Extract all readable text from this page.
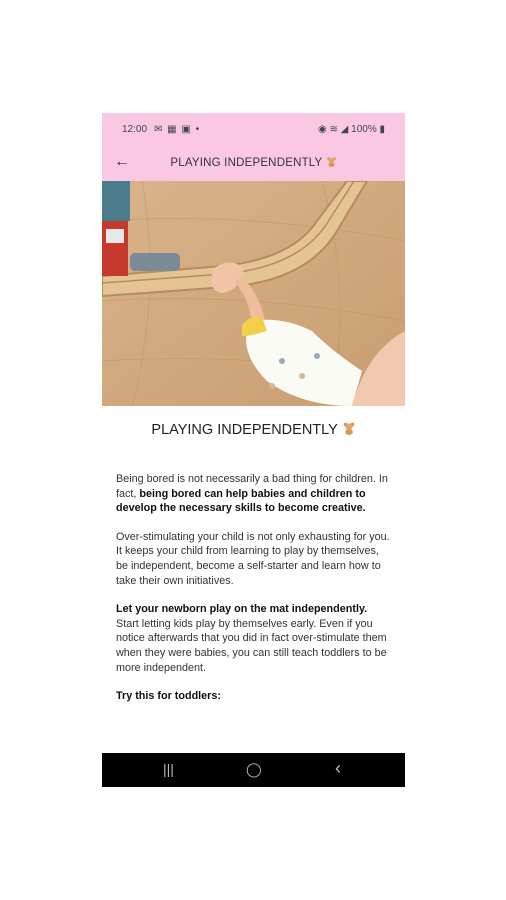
12:00 ✉ ▦ ▣ •	◉ ≋ ◢ 100% ▮
←	PLAYING INDEPENDENTLY
PLAYING INDEPENDENTLY

Being bored is not necessarily a bad thing for children. In fact, being bored can help babies and children to develop the necessary skills to become creative.

Over-stimulating your child is not only exhausting for you. It keeps your child from learning to play by themselves, be independent, become a self-starter and learn how to take their own initiatives.

Let your newborn play on the mat independently. Start letting kids play by themselves early. Even if you notice afterwards that you did in fact over-stimulate them when they were babies, you can still teach toddlers to be more independent.

Try this for toddlers:

|||	◯	‹
